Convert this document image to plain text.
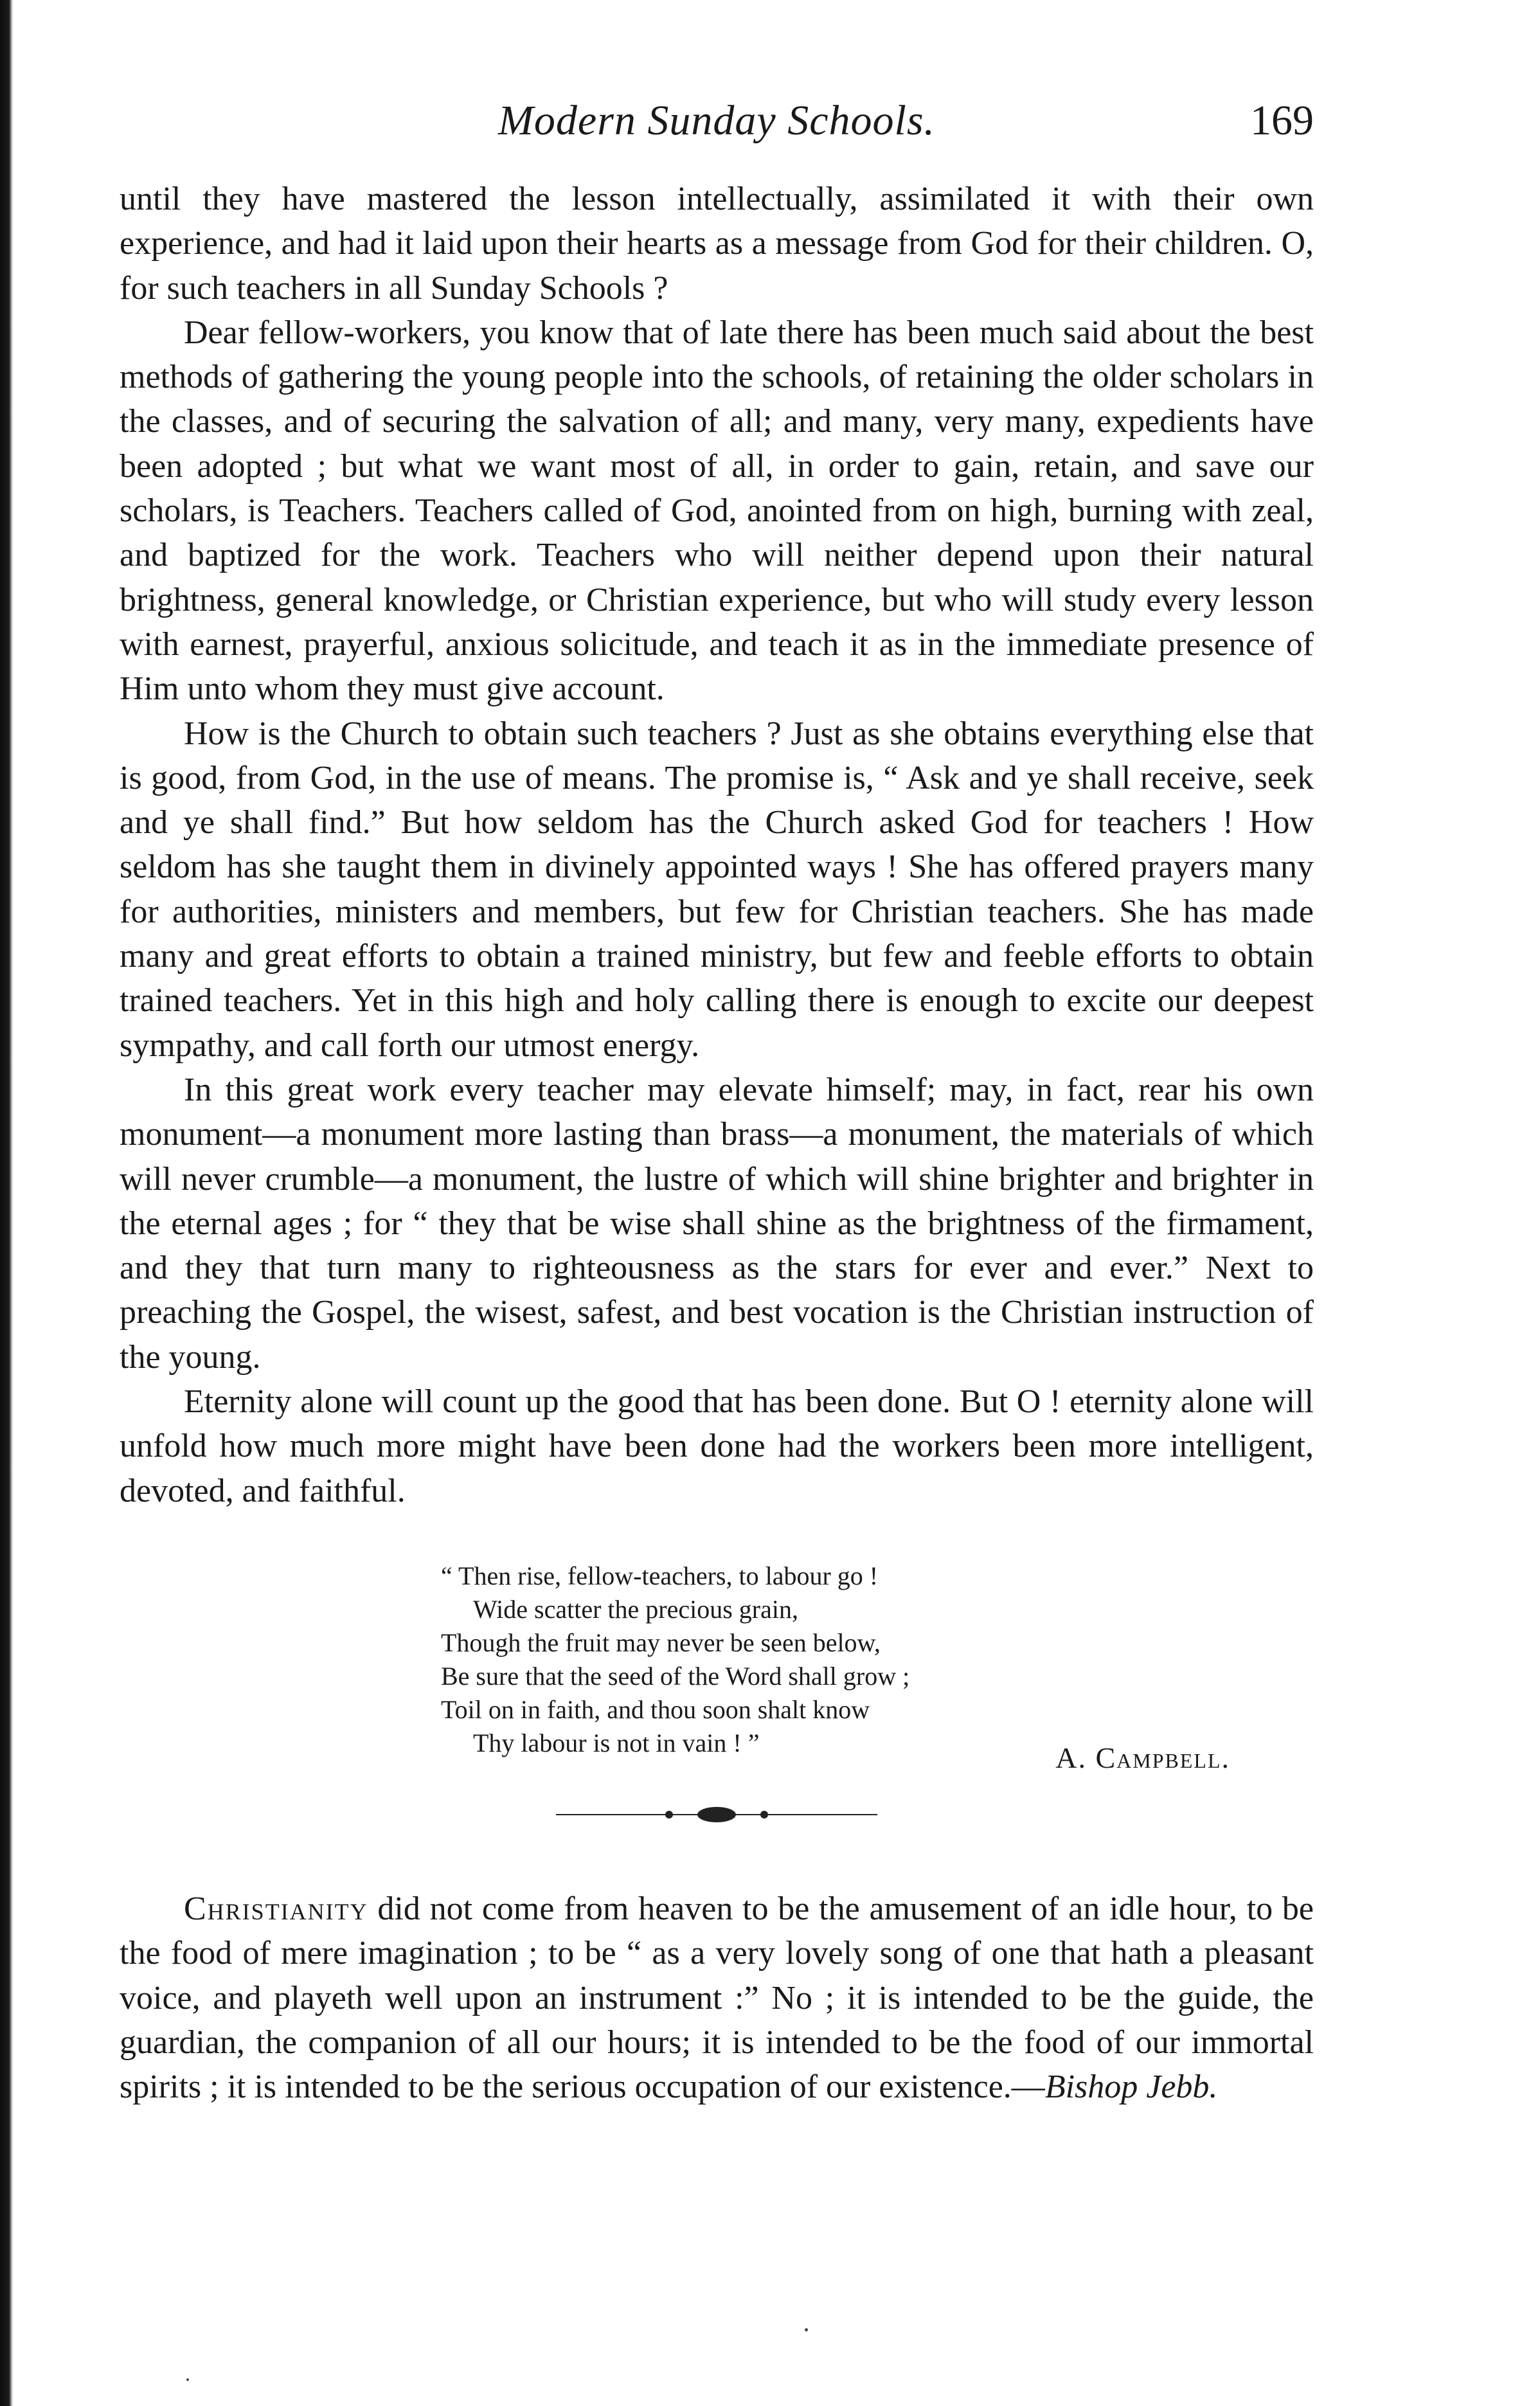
Modern Sunday Schools.	169

until they have mastered the lesson intellectually, assimilated it with their own experience, and had it laid upon their hearts as a message from God for their children. O, for such teachers in all Sunday Schools ?

Dear fellow-workers, you know that of late there has been much said about the best methods of gathering the young people into the schools, of retaining the older scholars in the classes, and of securing the salvation of all; and many, very many, expedients have been adopted ; but what we want most of all, in order to gain, retain, and save our scholars, is Teachers. Teachers called of God, anointed from on high, burning with zeal, and baptized for the work. Teachers who will neither depend upon their natural brightness, general knowledge, or Christian experience, but who will study every lesson with earnest, prayerful, anxious solicitude, and teach it as in the immediate presence of Him unto whom they must give account.

How is the Church to obtain such teachers ? Just as she obtains everything else that is good, from God, in the use of means. The promise is, “ Ask and ye shall receive, seek and ye shall find.” But how seldom has the Church asked God for teachers ! How seldom has she taught them in divinely appointed ways ! She has offered prayers many for authorities, ministers and members, but few for Christian teachers. She has made many and great efforts to obtain a trained ministry, but few and feeble efforts to obtain trained teachers. Yet in this high and holy calling there is enough to excite our deepest sympathy, and call forth our utmost energy.

In this great work every teacher may elevate himself; may, in fact, rear his own monument—a monument more lasting than brass—a monument, the materials of which will never crumble—a monument, the lustre of which will shine brighter and brighter in the eternal ages ; for “ they that be wise shall shine as the brightness of the firmament, and they that turn many to righteousness as the stars for ever and ever.” Next to preaching the Gospel, the wisest, safest, and best vocation is the Christian instruction of the young.

Eternity alone will count up the good that has been done. But O ! eternity alone will unfold how much more might have been done had the workers been more intelligent, devoted, and faithful.

“ Then rise, fellow-teachers, to labour go !
Wide scatter the precious grain,
Though the fruit may never be seen below,
Be sure that the seed of the Word shall grow ;
Toil on in faith, and thou soon shalt know
Thy labour is not in vain ! ”	A. Campbell.

Christianity did not come from heaven to be the amusement of an idle hour, to be the food of mere imagination ; to be “ as a very lovely song of one that hath a pleasant voice, and playeth well upon an instrument :” No ; it is intended to be the guide, the guardian, the companion of all our hours; it is intended to be the food of our immortal spirits ; it is intended to be the serious occupation of our existence.—Bishop Jebb.
